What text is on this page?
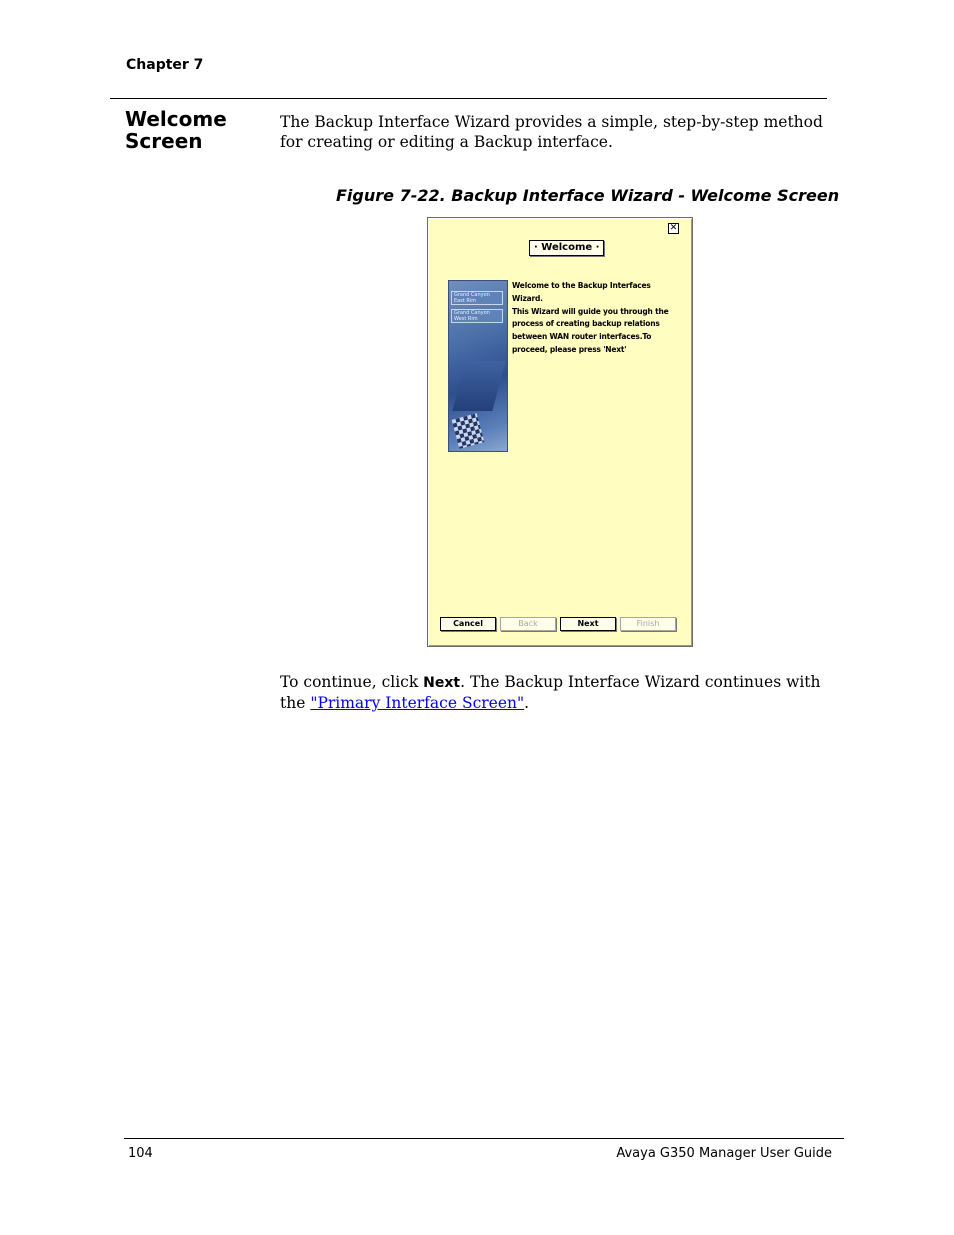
Chapter 7
Welcome Screen
The Backup Interface Wizard provides a simple, step-by-step method for creating or editing a Backup interface.
Figure 7-22. Backup Interface Wizard - Welcome Screen
✕
· Welcome ·
Grand Canyon East Rim
Grand Canyon West Rim
Welcome to the Backup Interfaces
Wizard.
This Wizard will guide you through the
process of creating backup relations
between WAN router interfaces.To
proceed, please press 'Next'
Cancel	Back	Next	Finish
To continue, click Next. The Backup Interface Wizard continues with the "Primary Interface Screen".
104	Avaya G350 Manager User Guide
